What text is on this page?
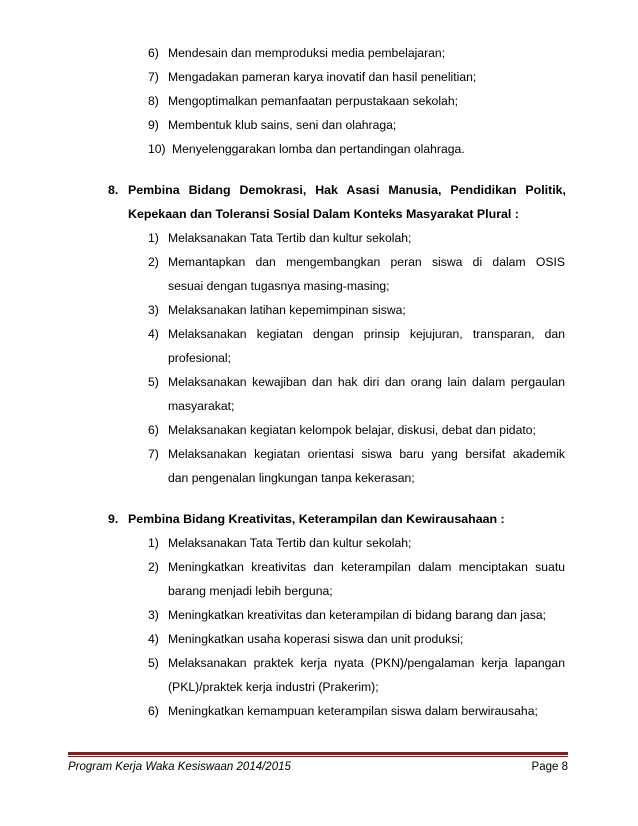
6) Mendesain dan memproduksi media pembelajaran;
7) Mengadakan pameran karya inovatif dan hasil penelitian;
8) Mengoptimalkan pemanfaatan perpustakaan sekolah;
9) Membentuk klub sains, seni dan olahraga;
10) Menyelenggarakan lomba dan pertandingan olahraga.
8. Pembina Bidang Demokrasi, Hak Asasi Manusia, Pendidikan Politik,
Kepekaan dan Toleransi Sosial Dalam Konteks Masyarakat Plural :
1) Melaksanakan Tata Tertib dan kultur sekolah;
2) Memantapkan dan mengembangkan peran siswa di dalam OSIS
sesuai dengan tugasnya masing-masing;
3) Melaksanakan latihan kepemimpinan siswa;
4) Melaksanakan kegiatan dengan prinsip kejujuran, transparan, dan
profesional;
5) Melaksanakan kewajiban dan hak diri dan orang lain dalam pergaulan
masyarakat;
6) Melaksanakan kegiatan kelompok belajar, diskusi, debat dan pidato;
7) Melaksanakan kegiatan orientasi siswa baru yang bersifat akademik
dan pengenalan lingkungan tanpa kekerasan;
9. Pembina Bidang Kreativitas, Keterampilan dan Kewirausahaan :
1) Melaksanakan Tata Tertib dan kultur sekolah;
2) Meningkatkan kreativitas dan keterampilan dalam menciptakan suatu
barang menjadi lebih berguna;
3) Meningkatkan kreativitas dan keterampilan di bidang barang dan jasa;
4) Meningkatkan usaha koperasi siswa dan unit produksi;
5) Melaksanakan praktek kerja nyata (PKN)/pengalaman kerja lapangan
(PKL)/praktek kerja industri (Prakerim);
6) Meningkatkan kemampuan keterampilan siswa dalam berwirausaha;
Program Kerja Waka Kesiswaan 2014/2015	Page 8
